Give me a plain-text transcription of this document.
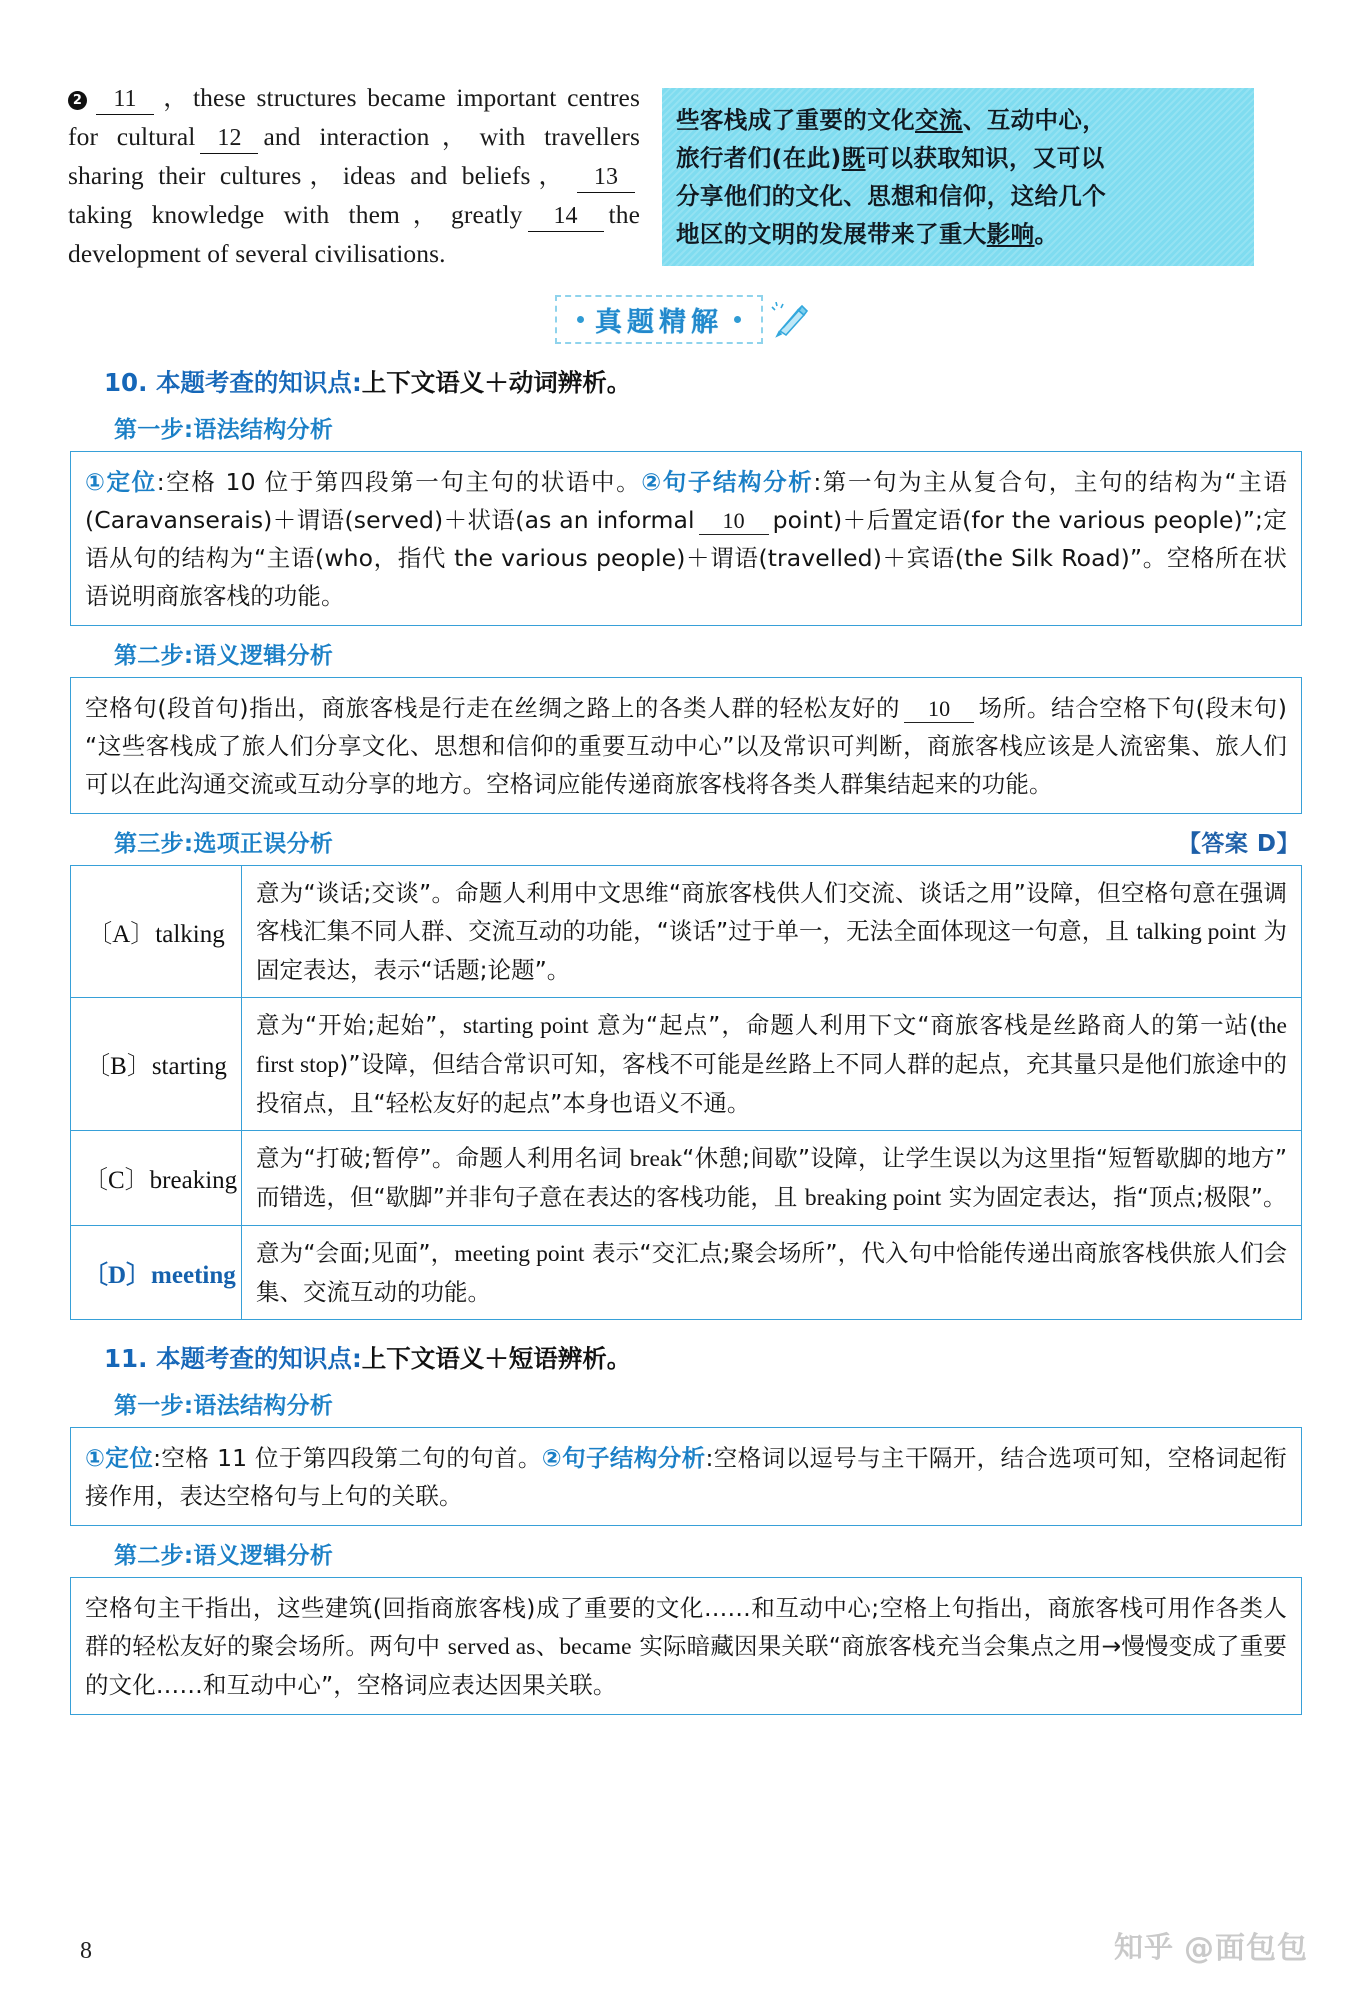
2 11 ，these structures became important centres for cultural 12 and interaction，with travellers sharing their cultures，ideas and beliefs， 13taking knowledge with them，greatly 14 the development of several civilisations.

些客栈成了重要的文化交流、互动中心，

旅行者们(在此)既可以获取知识，又可以

分享他们的文化、思想和信仰，这给几个

地区的文明的发展带来了重大影响。

真题精解
10. 本题考查的知识点:上下文语义＋动词辨析。
第一步:语法结构分析

①定位:空格 10 位于第四段第一句主句的状语中。②句子结构分析:第一句为主从复合句，主句的结构为“主语(Caravanserais)＋谓语(served)＋状语(as an informal 10 point)＋后置定语(for the various people)”;定语从句的结构为“主语(who，指代 the various people)＋谓语(travelled)＋宾语(the Silk Road)”。空格所在状语说明商旅客栈的功能。

第二步:语义逻辑分析

空格句(段首句)指出，商旅客栈是行走在丝绸之路上的各类人群的轻松友好的 10 场所。结合空格下句(段末句)“这些客栈成了旅人们分享文化、思想和信仰的重要互动中心”以及常识可判断，商旅客栈应该是人流密集、旅人们可以在此沟通交流或互动分享的地方。空格词应能传递商旅客栈将各类人群集结起来的功能。

第三步:选项正误分析	【答案 D】
〔A〕talking	意为“谈话;交谈”。命题人利用中文思维“商旅客栈供人们交流、谈话之用”设障，但空格句意在强调客栈汇集不同人群、交流互动的功能，“谈话”过于单一，无法全面体现这一句意，且 talking point 为固定表达，表示“话题;论题”。
〔B〕starting	意为“开始;起始”，starting point 意为“起点”，命题人利用下文“商旅客栈是丝路商人的第一站(the first stop)”设障，但结合常识可知，客栈不可能是丝路上不同人群的起点，充其量只是他们旅途中的投宿点，且“轻松友好的起点”本身也语义不通。
〔C〕breaking	意为“打破;暂停”。命题人利用名词 break“休憩;间歇”设障，让学生误以为这里指“短暂歇脚的地方”而错选，但“歇脚”并非句子意在表达的客栈功能，且 breaking point 实为固定表达，指“顶点;极限”。
〔D〕meeting	意为“会面;见面”，meeting point 表示“交汇点;聚会场所”，代入句中恰能传递出商旅客栈供旅人们会集、交流互动的功能。
11. 本题考查的知识点:上下文语义＋短语辨析。
第一步:语法结构分析

①定位:空格 11 位于第四段第二句的句首。②句子结构分析:空格词以逗号与主干隔开，结合选项可知，空格词起衔接作用，表达空格句与上句的关联。

第二步:语义逻辑分析

空格句主干指出，这些建筑(回指商旅客栈)成了重要的文化……和互动中心;空格上句指出，商旅客栈可用作各类人群的轻松友好的聚会场所。两句中 served as、became 实际暗藏因果关联“商旅客栈充当会集点之用→慢慢变成了重要的文化……和互动中心”，空格词应表达因果关联。

8	知乎 @面包包
